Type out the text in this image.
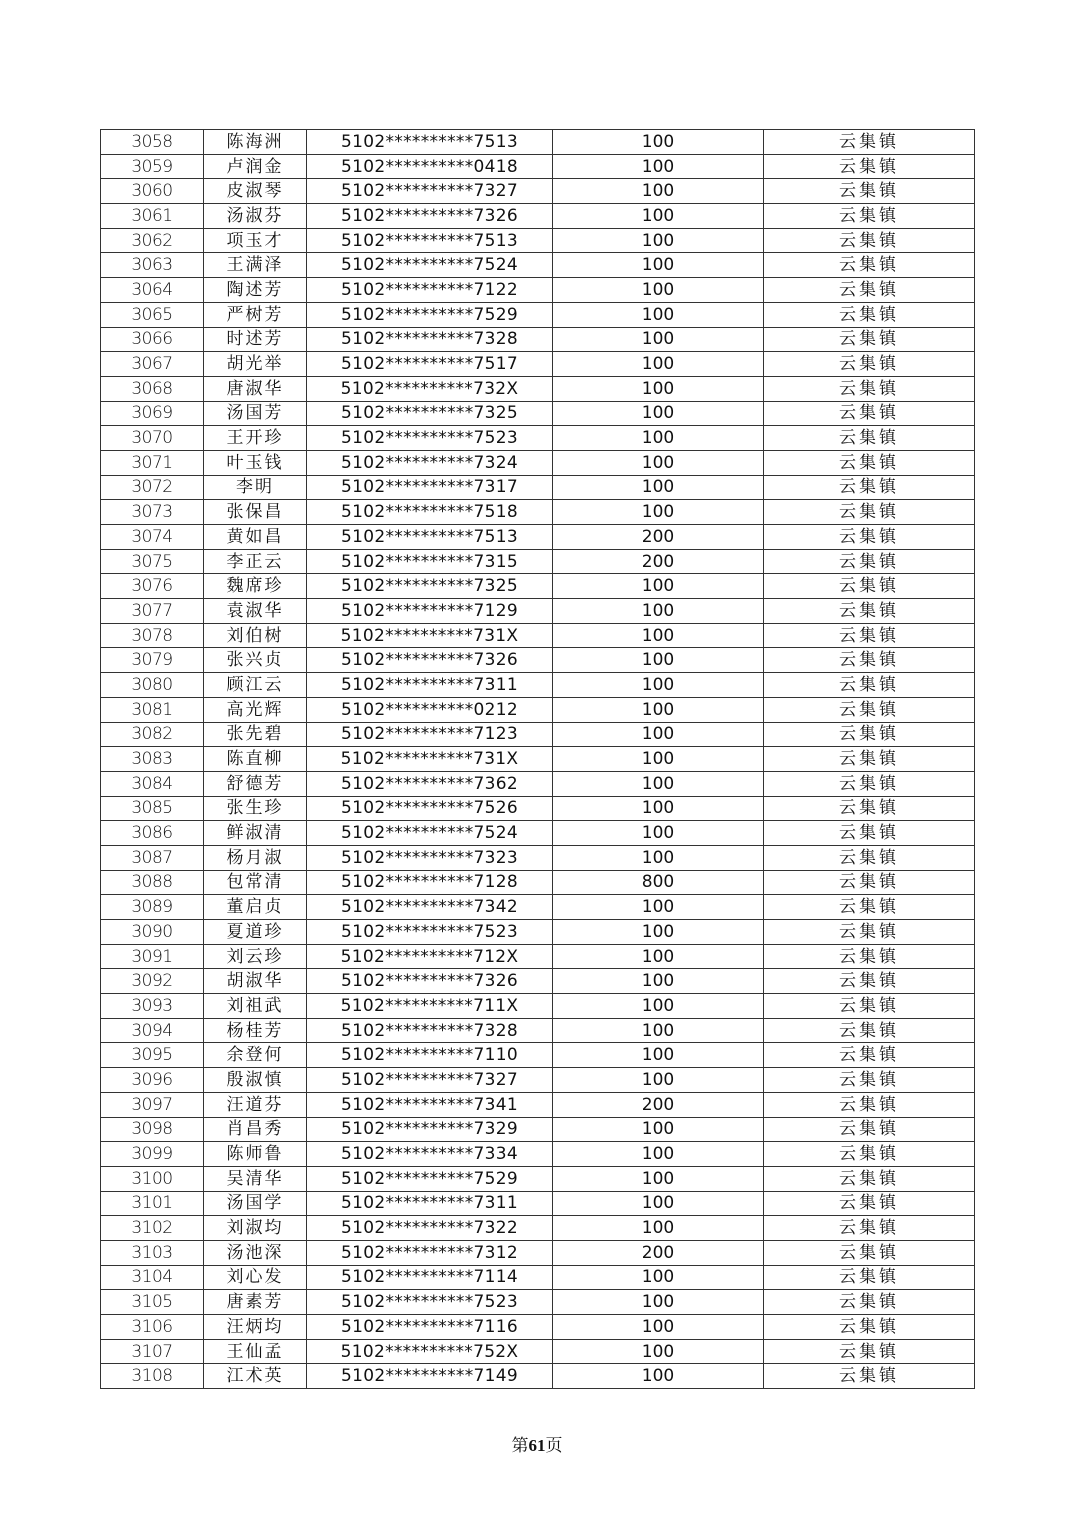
3058	陈海洲	5102**********7513	100	云集镇
3059	卢润金	5102**********0418	100	云集镇
3060	皮淑琴	5102**********7327	100	云集镇
3061	汤淑芬	5102**********7326	100	云集镇
3062	项玉才	5102**********7513	100	云集镇
3063	王满泽	5102**********7524	100	云集镇
3064	陶述芳	5102**********7122	100	云集镇
3065	严树芳	5102**********7529	100	云集镇
3066	时述芳	5102**********7328	100	云集镇
3067	胡光举	5102**********7517	100	云集镇
3068	唐淑华	5102**********732X	100	云集镇
3069	汤国芳	5102**********7325	100	云集镇
3070	王开珍	5102**********7523	100	云集镇
3071	叶玉钱	5102**********7324	100	云集镇
3072	李明	5102**********7317	100	云集镇
3073	张保昌	5102**********7518	100	云集镇
3074	黄如昌	5102**********7513	200	云集镇
3075	李正云	5102**********7315	200	云集镇
3076	魏席珍	5102**********7325	100	云集镇
3077	袁淑华	5102**********7129	100	云集镇
3078	刘伯树	5102**********731X	100	云集镇
3079	张兴贞	5102**********7326	100	云集镇
3080	顾江云	5102**********7311	100	云集镇
3081	高光辉	5102**********0212	100	云集镇
3082	张先碧	5102**********7123	100	云集镇
3083	陈直柳	5102**********731X	100	云集镇
3084	舒德芳	5102**********7362	100	云集镇
3085	张生珍	5102**********7526	100	云集镇
3086	鲜淑清	5102**********7524	100	云集镇
3087	杨月淑	5102**********7323	100	云集镇
3088	包常清	5102**********7128	800	云集镇
3089	董启贞	5102**********7342	100	云集镇
3090	夏道珍	5102**********7523	100	云集镇
3091	刘云珍	5102**********712X	100	云集镇
3092	胡淑华	5102**********7326	100	云集镇
3093	刘祖武	5102**********711X	100	云集镇
3094	杨桂芳	5102**********7328	100	云集镇
3095	余登何	5102**********7110	100	云集镇
3096	殷淑慎	5102**********7327	100	云集镇
3097	汪道芬	5102**********7341	200	云集镇
3098	肖昌秀	5102**********7329	100	云集镇
3099	陈师鲁	5102**********7334	100	云集镇
3100	吴清华	5102**********7529	100	云集镇
3101	汤国学	5102**********7311	100	云集镇
3102	刘淑均	5102**********7322	100	云集镇
3103	汤池深	5102**********7312	200	云集镇
3104	刘心发	5102**********7114	100	云集镇
3105	唐素芳	5102**********7523	100	云集镇
3106	汪炳均	5102**********7116	100	云集镇
3107	王仙孟	5102**********752X	100	云集镇
3108	江术英	5102**********7149	100	云集镇
第61页
